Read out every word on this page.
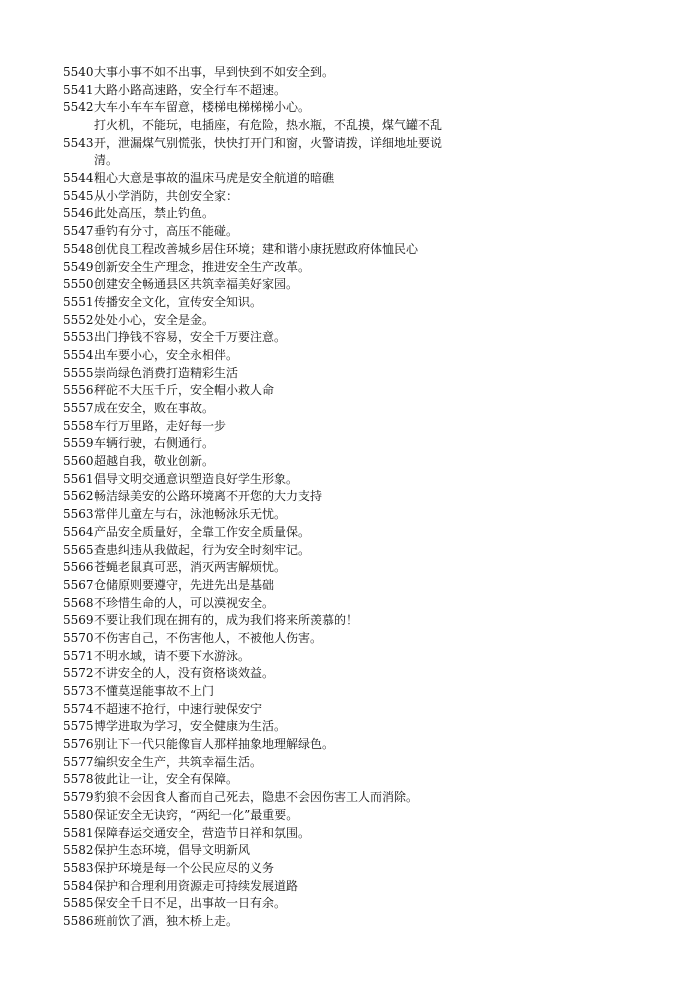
5540 大事小事不如不出事，早到快到不如安全到。
5541 大路小路高速路，安全行车不超速。
5542 大车小车车车留意，楼梯电梯梯梯小心。
5543
打火机，不能玩，电插座，有危险，热水瓶，不乱摸，煤气罐不乱开，泄漏煤气别慌张，快快打开门和窗，火警请拨，详细地址要说清。
5544 粗心大意是事故的温床马虎是安全航道的暗礁
5545 从小学消防，共创安全家：
5546 此处高压，禁止钓鱼。
5547 垂钓有分寸，高压不能碰。
5548 创优良工程改善城乡居住环境；建和谐小康抚慰政府体恤民心
5549 创新安全生产理念，推进安全生产改革。
5550 创建安全畅通县区共筑幸福美好家园。
5551 传播安全文化，宣传安全知识。
5552 处处小心，安全是金。
5553 出门挣钱不容易，安全千万要注意。
5554 出车要小心，安全永相伴。
5555 崇尚绿色消费打造精彩生活
5556 秤砣不大压千斤，安全帽小救人命
5557 成在安全，败在事故。
5558 车行万里路，走好每一步
5559 车辆行驶，右侧通行。
5560 超越自我，敬业创新。
5561 倡导文明交通意识塑造良好学生形象。
5562 畅洁绿美安的公路环境离不开您的大力支持
5563 常伴儿童左与右，泳池畅泳乐无忧。
5564 产品安全质量好，全靠工作安全质量保。
5565 查患纠违从我做起，行为安全时刻牢记。
5566 苍蝇老鼠真可恶，消灭两害解烦忧。
5567 仓储原则要遵守，先进先出是基础
5568 不珍惜生命的人，可以漠视安全。
5569 不要让我们现在拥有的，成为我们将来所羡慕的！
5570 不伤害自己，不伤害他人，不被他人伤害。
5571 不明水域，请不要下水游泳。
5572 不讲安全的人，没有资格谈效益。
5573 不懂莫逞能事故不上门
5574 不超速不抢行，中速行驶保安宁
5575 博学进取为学习，安全健康为生活。
5576 别让下一代只能像盲人那样抽象地理解绿色。
5577 编织安全生产，共筑幸福生活。
5578 彼此让一让，安全有保障。
5579 豹狼不会因食人畜而自己死去，隐患不会因伤害工人而消除。
5580 保证安全无诀窍，“两纪一化”最重要。
5581 保障春运交通安全，营造节日祥和氛围。
5582 保护生态环境，倡导文明新风
5583 保护环境是每一个公民应尽的义务
5584 保护和合理利用资源走可持续发展道路
5585 保安全千日不足，出事故一日有余。
5586 班前饮了酒，独木桥上走。
